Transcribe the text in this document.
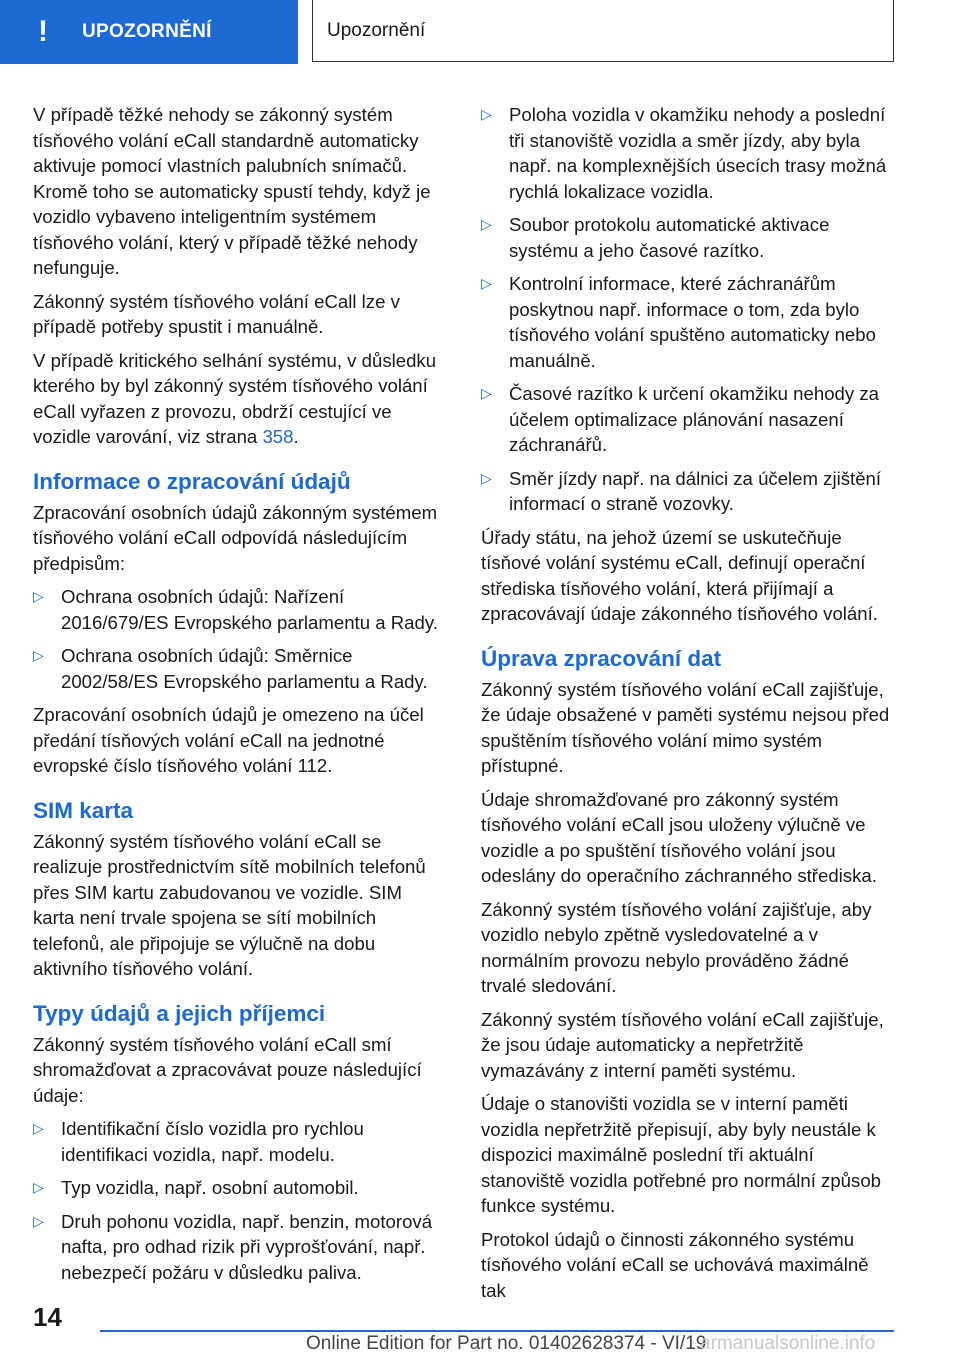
! UPOZORNĚNÍ	Upozornění

V případě těžké nehody se zákonný systém tísňového volání eCall standardně automaticky aktivuje pomocí vlastních palubních snímačů. Kromě toho se automaticky spustí tehdy, když je vozidlo vybaveno inteligentním systémem tísňového volání, který v případě těžké nehody nefunguje.

Zákonný systém tísňového volání eCall lze v případě potřeby spustit i manuálně.

V případě kritického selhání systému, v důsledku kterého by byl zákonný systém tísňového volání eCall vyřazen z provozu, obdrží cestující ve vozidle varování, viz strana 358.

Informace o zpracování údajů

Zpracování osobních údajů zákonným systémem tísňového volání eCall odpovídá následujícím předpisům:

▷ Ochrana osobních údajů: Nařízení 2016/679/ES Evropského parlamentu a Rady.
▷ Ochrana osobních údajů: Směrnice 2002/58/ES Evropského parlamentu a Rady.

Zpracování osobních údajů je omezeno na účel předání tísňových volání eCall na jednotné evropské číslo tísňového volání 112.

SIM karta

Zákonný systém tísňového volání eCall se realizuje prostřednictvím sítě mobilních telefonů přes SIM kartu zabudovanou ve vozidle. SIM karta není trvale spojena se sítí mobilních telefonů, ale připojuje se výlučně na dobu aktivního tísňového volání.

Typy údajů a jejich příjemci

Zákonný systém tísňového volání eCall smí shromažďovat a zpracovávat pouze následující údaje:

▷ Identifikační číslo vozidla pro rychlou identifikaci vozidla, např. modelu.
▷ Typ vozidla, např. osobní automobil.
▷ Druh pohonu vozidla, např. benzin, motorová nafta, pro odhad rizik při vyprošťování, např. nebezpečí požáru v důsledku paliva.
▷ Poloha vozidla v okamžiku nehody a poslední tři stanoviště vozidla a směr jízdy, aby byla např. na komplexnějších úsecích trasy možná rychlá lokalizace vozidla.
▷ Soubor protokolu automatické aktivace systému a jeho časové razítko.
▷ Kontrolní informace, které záchranářům poskytnou např. informace o tom, zda bylo tísňového volání spuštěno automaticky nebo manuálně.
▷ Časové razítko k určení okamžiku nehody za účelem optimalizace plánování nasazení záchranářů.
▷ Směr jízdy např. na dálnici za účelem zjištění informací o straně vozovky.

Úřady státu, na jehož území se uskutečňuje tísňové volání systému eCall, definují operační střediska tísňového volání, která přijímají a zpracovávají údaje zákonného tísňového volání.

Úprava zpracování dat

Zákonný systém tísňového volání eCall zajišťuje, že údaje obsažené v paměti systému nejsou před spuštěním tísňového volání mimo systém přístupné.

Údaje shromažďované pro zákonný systém tísňového volání eCall jsou uloženy výlučně ve vozidle a po spuštění tísňového volání jsou odeslány do operačního záchranného střediska.

Zákonný systém tísňového volání zajišťuje, aby vozidlo nebylo zpětně vysledovatelné a v normálním provozu nebylo prováděno žádné trvalé sledování.

Zákonný systém tísňového volání eCall zajišťuje, že jsou údaje automaticky a nepřetržitě vymazávány z interní paměti systému.

Údaje o stanovišti vozidla se v interní paměti vozidla nepřetržitě přepisují, aby byly neustále k dispozici maximálně poslední tři aktuální stanoviště vozidla potřebné pro normální způsob funkce systému.

Protokol údajů o činnosti zákonného systému tísňového volání eCall se uchovává maximálně tak

14
Online Edition for Part no. 01402628374 - VI/19
armanualsonline.info
